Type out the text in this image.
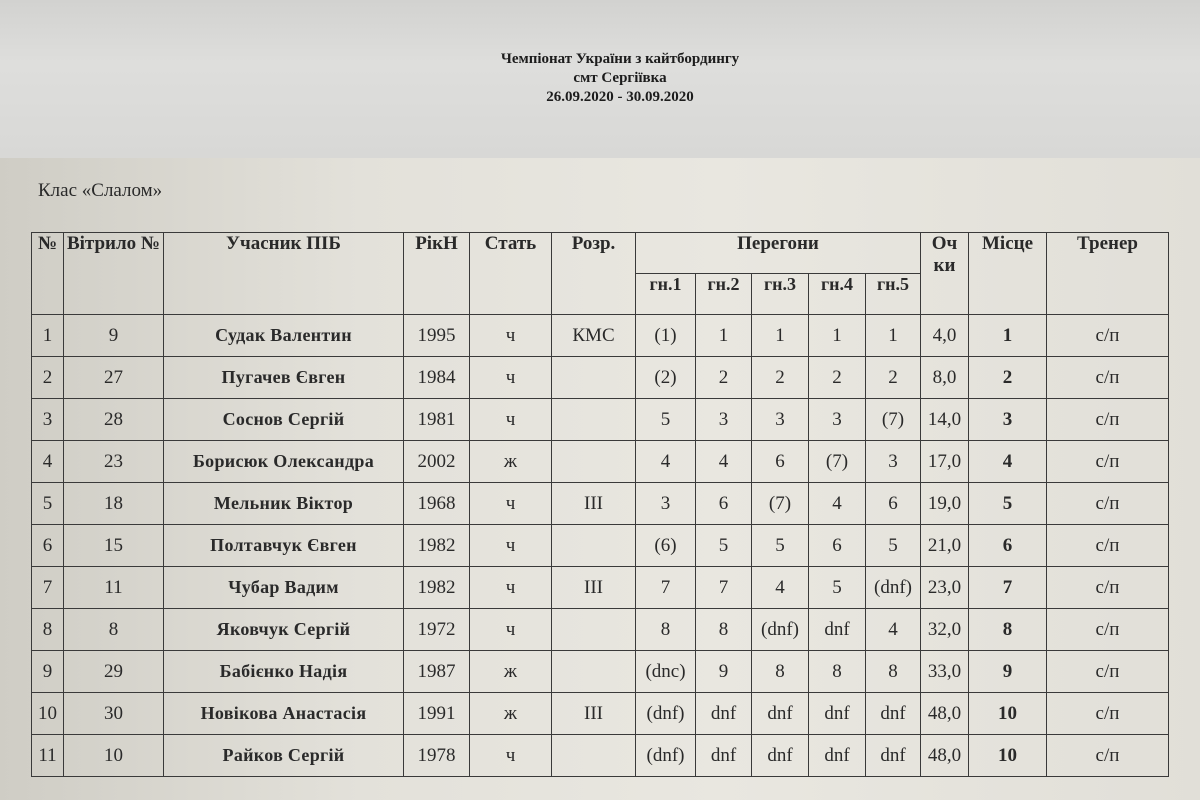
Чемпіонат України з кайтбордингу
смт Сергіївка
26.09.2020 - 30.09.2020
Клас «Слалом»
№	Вітрило №	Учасник ПІБ	РікН	Стать	Розр.	Перегони					Оч ки	Місце	Тренер
						гн.1	гн.2	гн.3	гн.4	гн.5			
1	9	Судак Валентин	1995	ч	КМС	(1)	1	1	1	1	4,0	1	с/п
2	27	Пугачев Євген	1984	ч		(2)	2	2	2	2	8,0	2	с/п
3	28	Соснов Сергій	1981	ч		5	3	3	3	(7)	14,0	3	с/п
4	23	Борисюк Олександра	2002	ж		4	4	6	(7)	3	17,0	4	с/п
5	18	Мельник Віктор	1968	ч	ІІІ	3	6	(7)	4	6	19,0	5	с/п
6	15	Полтавчук Євген	1982	ч		(6)	5	5	6	5	21,0	6	с/п
7	11	Чубар Вадим	1982	ч	ІІІ	7	7	4	5	(dnf)	23,0	7	с/п
8	8	Яковчук Сергій	1972	ч		8	8	(dnf)	dnf	4	32,0	8	с/п
9	29	Бабієнко Надія	1987	ж		(dnc)	9	8	8	8	33,0	9	с/п
10	30	Новікова Анастасія	1991	ж	ІІІ	(dnf)	dnf	dnf	dnf	dnf	48,0	10	с/п
11	10	Райков Сергій	1978	ч		(dnf)	dnf	dnf	dnf	dnf	48,0	10	с/п
